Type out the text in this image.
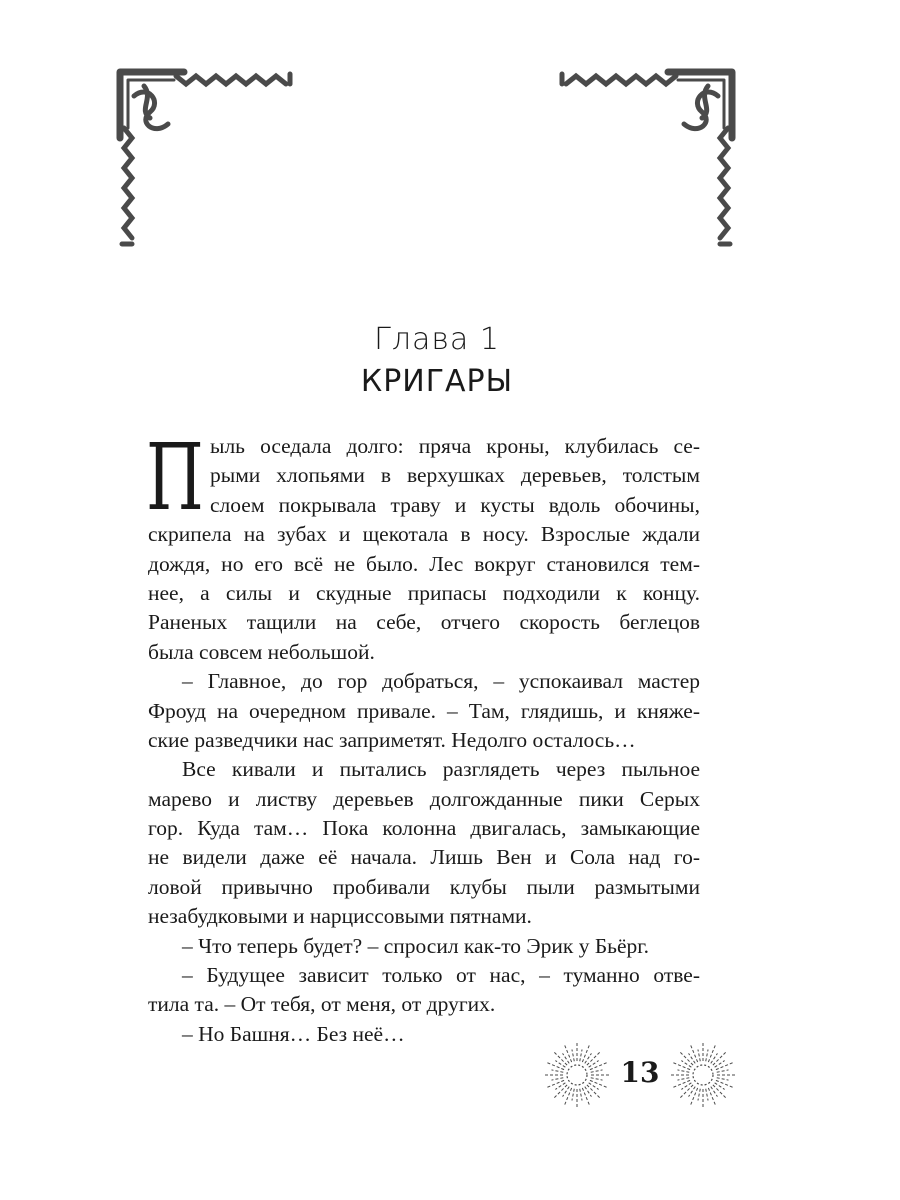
Глава 1
КРИГАРЫ
П ыль оседала долго: пряча кроны, клубилась се-
рыми хлопьями в верхушках деревьев, толстым
слоем покрывала траву и кусты вдоль обочины,
скрипела на зубах и щекотала в носу. Взрослые ждали
дождя, но его всё не было. Лес вокруг становился тем-
нее, а силы и скудные припасы подходили к концу.
Раненых тащили на себе, отчего скорость беглецов
была совсем небольшой.
– Главное, до гор добраться, – успокаивал мастер
Фроуд на очередном привале. – Там, глядишь, и княже-
ские разведчики нас заприметят. Недолго осталось…
Все кивали и пытались разглядеть через пыльное
марево и листву деревьев долгожданные пики Серых
гор. Куда там… Пока колонна двигалась, замыкающие
не видели даже её начала. Лишь Вен и Сола над го-
ловой привычно пробивали клубы пыли размытыми
незабудковыми и нарциссовыми пятнами.
– Что теперь будет? – спросил как-то Эрик у Бьёрг.
– Будущее зависит только от нас, – туманно отве-
тила та. – От тебя, от меня, от других.
– Но Башня… Без неё…
13
